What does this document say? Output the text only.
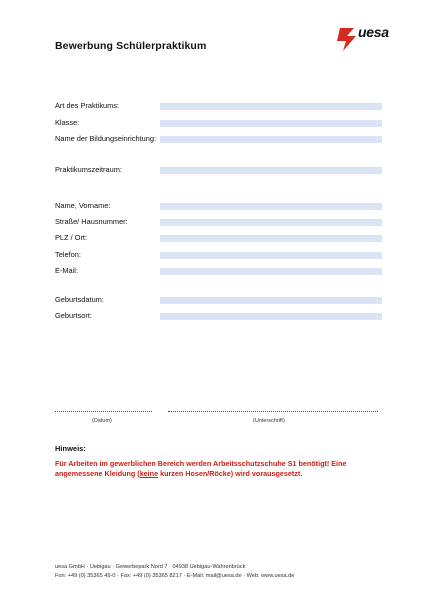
Bewerbung Schülerpraktikum
uesa
Art des Praktikums:
Klasse:
Name der Bildungseinrichtung:
Praktikumszeitraum:
Name, Vorname:
Straße/ Hausnummer:
PLZ / Ort:
Telefon:
E-Mail:
Geburtsdatum:
Geburtsort:
(Datum)	(Unterschrift)
Hinweis:
Für Arbeiten im gewerblichen Bereich werden Arbeitsschutzschuhe S1 benötigt! Eine angemessene Kleidung (keine kurzen Hosen/Röcke) wird vorausgesetzt.
uesa GmbH · Uebigau · Gewerbepark Nord 7 · 04938 Uebigau-Wahrenbrück
Fon: +49 (0) 35365 49-0 · Fax: +49 (0) 35365 8217 · E-Mail: mail@uesa.de · Web: www.uesa.de
